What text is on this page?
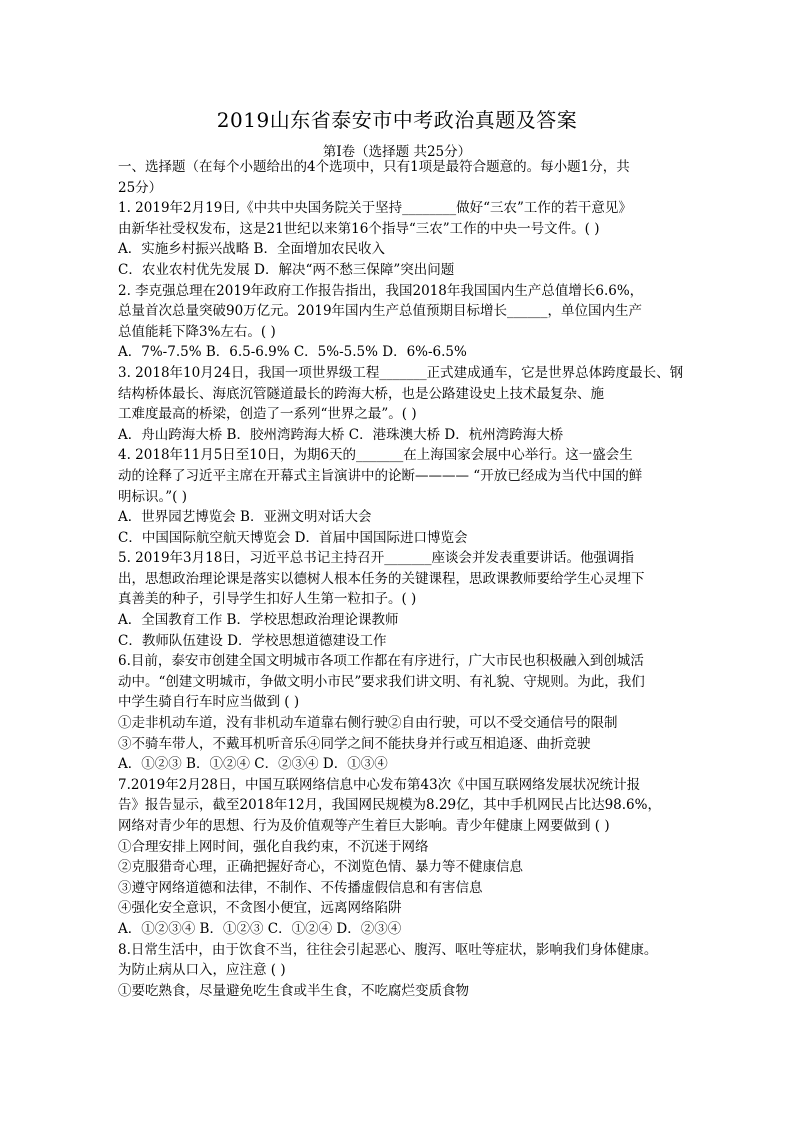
2019山东省泰安市中考政治真题及答案
第Ⅰ卷（选择题 共25分）
一、选择题（在每个小题给出的4个选项中，只有1项是最符合题意的。每小题1分，共
25分）
1. 2019年2月19日,《中共中央国务院关于坚持________做好“三农”工作的若干意见》
由新华社受权发布，这是21世纪以来第16个指导“三农”工作的中央一号文件。( )
A．实施乡村振兴战略 B．全面增加农民收入
C．农业农村优先发展 D．解决“两不愁三保障”突出问题
2. 李克强总理在2019年政府工作报告指出，我国2018年我国国内生产总值增长6.6%，
总量首次总量突破90万亿元。2019年国内生产总值预期目标增长______，单位国内生产
总值能耗下降3%左右。( )
A．7%-7.5% B．6.5-6.9% C．5%-5.5% D．6%-6.5%
3. 2018年10月24日，我国一项世界级工程_______正式建成通车，它是世界总体跨度最长、钢结构桥体最长、海底沉管隧道最长的跨海大桥，也是公路建设史上技术最复杂、施
工难度最高的桥梁，创造了一系列“世界之最”。( )
A．舟山跨海大桥 B．胶州湾跨海大桥 C．港珠澳大桥 D．杭州湾跨海大桥
4. 2018年11月5日至10日，为期6天的_______在上海国家会展中心举行。这一盛会生
动的诠释了习近平主席在开幕式主旨演讲中的论断———— “开放已经成为当代中国的鲜
明标识。”( )
A．世界园艺博览会 B．亚洲文明对话大会
C．中国国际航空航天博览会 D．首届中国国际进口博览会
5. 2019年3月18日，习近平总书记主持召开_______座谈会并发表重要讲话。他强调指
出，思想政治理论课是落实以德树人根本任务的关键课程，思政课教师要给学生心灵埋下
真善美的种子，引导学生扣好人生第一粒扣子。( )
A．全国教育工作 B．学校思想政治理论课教师
C．教师队伍建设 D．学校思想道德建设工作
6.目前，泰安市创建全国文明城市各项工作都在有序进行，广大市民也积极融入到创城活
动中。“创建文明城市，争做文明小市民”要求我们讲文明、有礼貌、守规则。为此，我们
中学生骑自行车时应当做到 ( )
①走非机动车道，没有非机动车道靠右侧行驶②自由行驶，可以不受交通信号的限制
③不骑车带人，不戴耳机听音乐④同学之间不能扶身并行或互相追逐、曲折竞驶
A．①②③ B．①②④ C．②③④ D．①③④
7.2019年2月28日，中国互联网络信息中心发布第43次《中国互联网络发展状况统计报
告》报告显示，截至2018年12月，我国网民规模为8.29亿，其中手机网民占比达98.6%，
网络对青少年的思想、行为及价值观等产生着巨大影响。青少年健康上网要做到 ( )
①合理安排上网时间，强化自我约束，不沉迷于网络
②克服猎奇心理，正确把握好奇心，不浏览色情、暴力等不健康信息
③遵守网络道德和法律，不制作、不传播虚假信息和有害信息
④强化安全意识，不贪图小便宜，远离网络陷阱
A．①②③④ B．①②③ C．①②④ D．②③④
8.日常生活中，由于饮食不当，往往会引起恶心、腹泻、呕吐等症状，影响我们身体健康。
为防止病从口入，应注意 ( )
①要吃熟食，尽量避免吃生食或半生食，不吃腐烂变质食物
